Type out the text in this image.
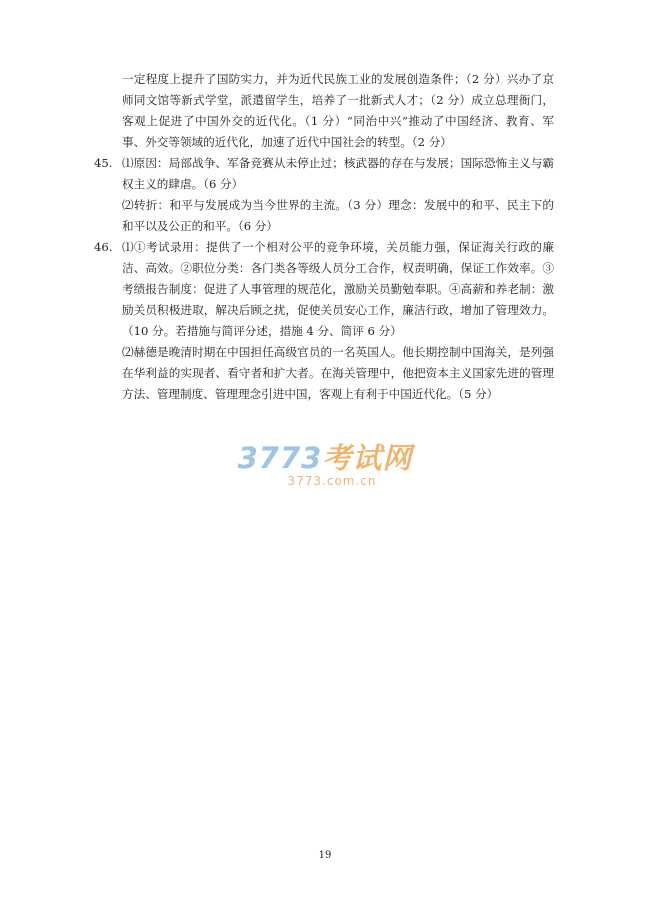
一定程度上提升了国防实力，并为近代民族工业的发展创造条件；（2 分）兴办了京师同文馆等新式学堂，派遣留学生，培养了一批新式人才；（2 分）成立总理衙门，客观上促进了中国外交的近代化。（1 分）“同治中兴”推动了中国经济、教育、军事、外交等领域的近代化，加速了近代中国社会的转型。（2 分）

45. ⑴原因：局部战争、军备竞赛从未停止过；核武器的存在与发展；国际恐怖主义与霸权主义的肆虐。（6 分）

⑵转折：和平与发展成为当今世界的主流。（3 分）理念：发展中的和平、民主下的和平以及公正的和平。（6 分）

46. ⑴①考试录用：提供了一个相对公平的竞争环境，关员能力强，保证海关行政的廉洁、高效。②职位分类：各门类各等级人员分工合作，权责明确，保证工作效率。③考绩报告制度：促进了人事管理的规范化，激励关员勤勉奉职。④高薪和养老制：激励关员积极进取，解决后顾之扰，促使关员安心工作，廉洁行政，增加了管理效力。（10 分。若措施与简评分述，措施 4 分、简评 6 分）

⑵赫德是晚清时期在中国担任高级官员的一名英国人。他长期控制中国海关，是列强在华利益的实现者、看守者和扩大者。在海关管理中，他把资本主义国家先进的管理方法、管理制度、管理理念引进中国，客观上有利于中国近代化。（5 分）

3773考试网
3773.com.cn
19
